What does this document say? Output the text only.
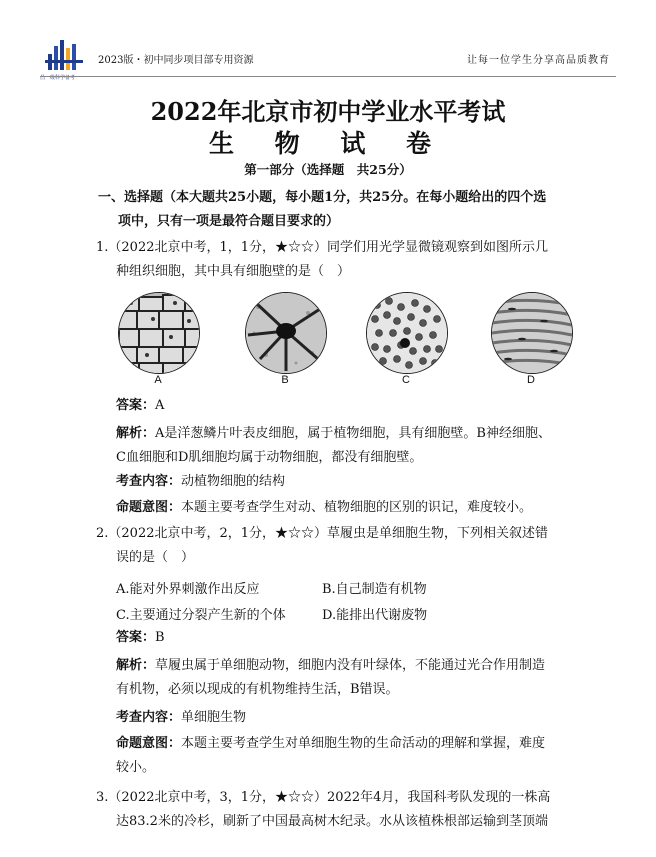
昌一级科学备考
2023版・初中同步项目部专用资源	让每一位学生分享高品质教育
2022年北京市初中学业水平考试
生 物 试 卷
第一部分（选择题　共25分）
一、选择题（本大题共25小题，每小题1分，共25分。在每小题给出的四个选
项中，只有一项是最符合题目要求的）
1.（2022北京中考，1，1分，★☆☆）同学们用光学显微镜观察到如图所示几
种组织细胞，其中具有细胞壁的是（　）
A	B	C	D
答案：A
解析：A是洋葱鳞片叶表皮细胞，属于植物细胞，具有细胞壁。B神经细胞、
C血细胞和D肌细胞均属于动物细胞，都没有细胞壁。
考查内容：动植物细胞的结构
命题意图：本题主要考查学生对动、植物细胞的区别的识记，难度较小。
2.（2022北京中考，2，1分，★☆☆）草履虫是单细胞生物，下列相关叙述错
误的是（　）
A.能对外界刺激作出反应	B.自己制造有机物
C.主要通过分裂产生新的个体	D.能排出代谢废物
答案：B
解析：草履虫属于单细胞动物，细胞内没有叶绿体，不能通过光合作用制造
有机物，必须以现成的有机物维持生活，B错误。
考查内容：单细胞生物
命题意图：本题主要考查学生对单细胞生物的生命活动的理解和掌握，难度
较小。
3.（2022北京中考，3，1分，★☆☆）2022年4月，我国科考队发现的一株高
达83.2米的冷杉，刷新了中国最高树木纪录。水从该植株根部运输到茎顶端
